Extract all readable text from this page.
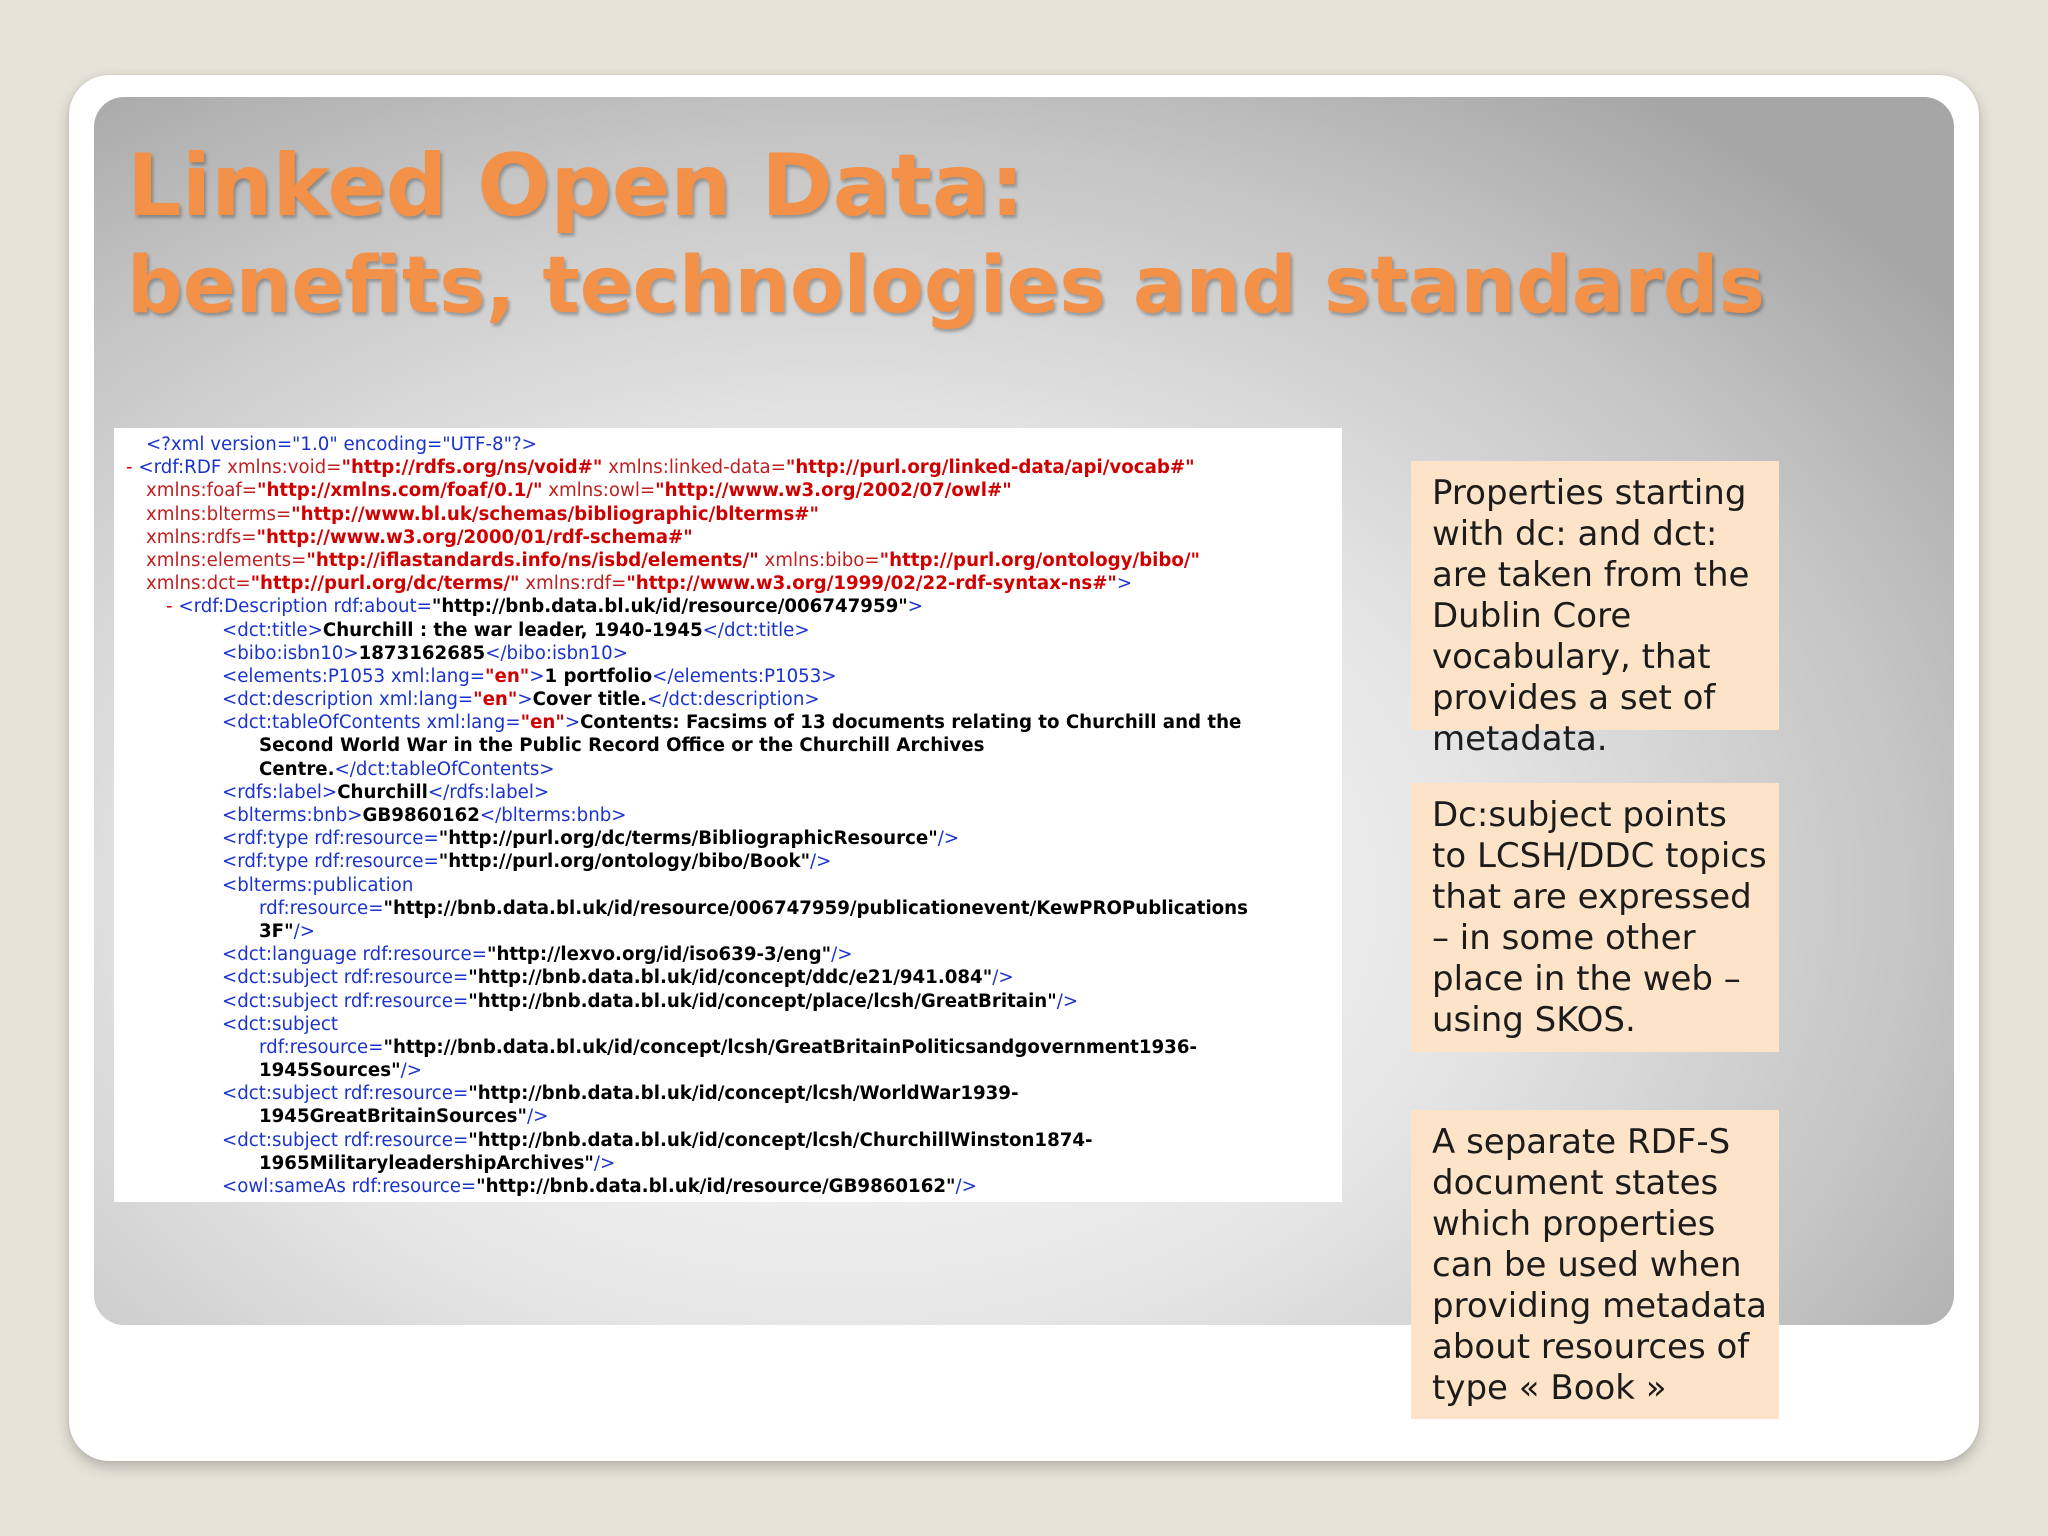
Linked Open Data:
benefits, technologies and standards
<?xml version="1.0" encoding="UTF-8"?>
- <rdf:RDF xmlns:void="http://rdfs.org/ns/void#" xmlns:linked-data="http://purl.org/linked-data/api/vocab#"
xmlns:foaf="http://xmlns.com/foaf/0.1/" xmlns:owl="http://www.w3.org/2002/07/owl#"
xmlns:blterms="http://www.bl.uk/schemas/bibliographic/blterms#"
xmlns:rdfs="http://www.w3.org/2000/01/rdf-schema#"
xmlns:elements="http://iflastandards.info/ns/isbd/elements/" xmlns:bibo="http://purl.org/ontology/bibo/"
xmlns:dct="http://purl.org/dc/terms/" xmlns:rdf="http://www.w3.org/1999/02/22-rdf-syntax-ns#">
- <rdf:Description rdf:about="http://bnb.data.bl.uk/id/resource/006747959">
<dct:title>Churchill : the war leader, 1940-1945</dct:title>
<bibo:isbn10>1873162685</bibo:isbn10>
<elements:P1053 xml:lang="en">1 portfolio</elements:P1053>
<dct:description xml:lang="en">Cover title.</dct:description>
<dct:tableOfContents xml:lang="en">Contents: Facsims of 13 documents relating to Churchill and the
Second World War in the Public Record Office or the Churchill Archives
Centre.</dct:tableOfContents>
<rdfs:label>Churchill</rdfs:label>
<blterms:bnb>GB9860162</blterms:bnb>
<rdf:type rdf:resource="http://purl.org/dc/terms/BibliographicResource"/>
<rdf:type rdf:resource="http://purl.org/ontology/bibo/Book"/>
<blterms:publication
rdf:resource="http://bnb.data.bl.uk/id/resource/006747959/publicationevent/KewPROPublications
3F"/>
<dct:language rdf:resource="http://lexvo.org/id/iso639-3/eng"/>
<dct:subject rdf:resource="http://bnb.data.bl.uk/id/concept/ddc/e21/941.084"/>
<dct:subject rdf:resource="http://bnb.data.bl.uk/id/concept/place/lcsh/GreatBritain"/>
<dct:subject
rdf:resource="http://bnb.data.bl.uk/id/concept/lcsh/GreatBritainPoliticsandgovernment1936-
1945Sources"/>
<dct:subject rdf:resource="http://bnb.data.bl.uk/id/concept/lcsh/WorldWar1939-
1945GreatBritainSources"/>
<dct:subject rdf:resource="http://bnb.data.bl.uk/id/concept/lcsh/ChurchillWinston1874-
1965MilitaryleadershipArchives"/>
<owl:sameAs rdf:resource="http://bnb.data.bl.uk/id/resource/GB9860162"/>
Properties starting with dc: and dct: are taken from the Dublin Core vocabulary, that provides a set of metadata.
Dc:subject points to LCSH/DDC topics that are expressed – in some other place in the web – using SKOS.
A separate RDF-S document states which properties can be used when providing metadata about resources of type « Book »
